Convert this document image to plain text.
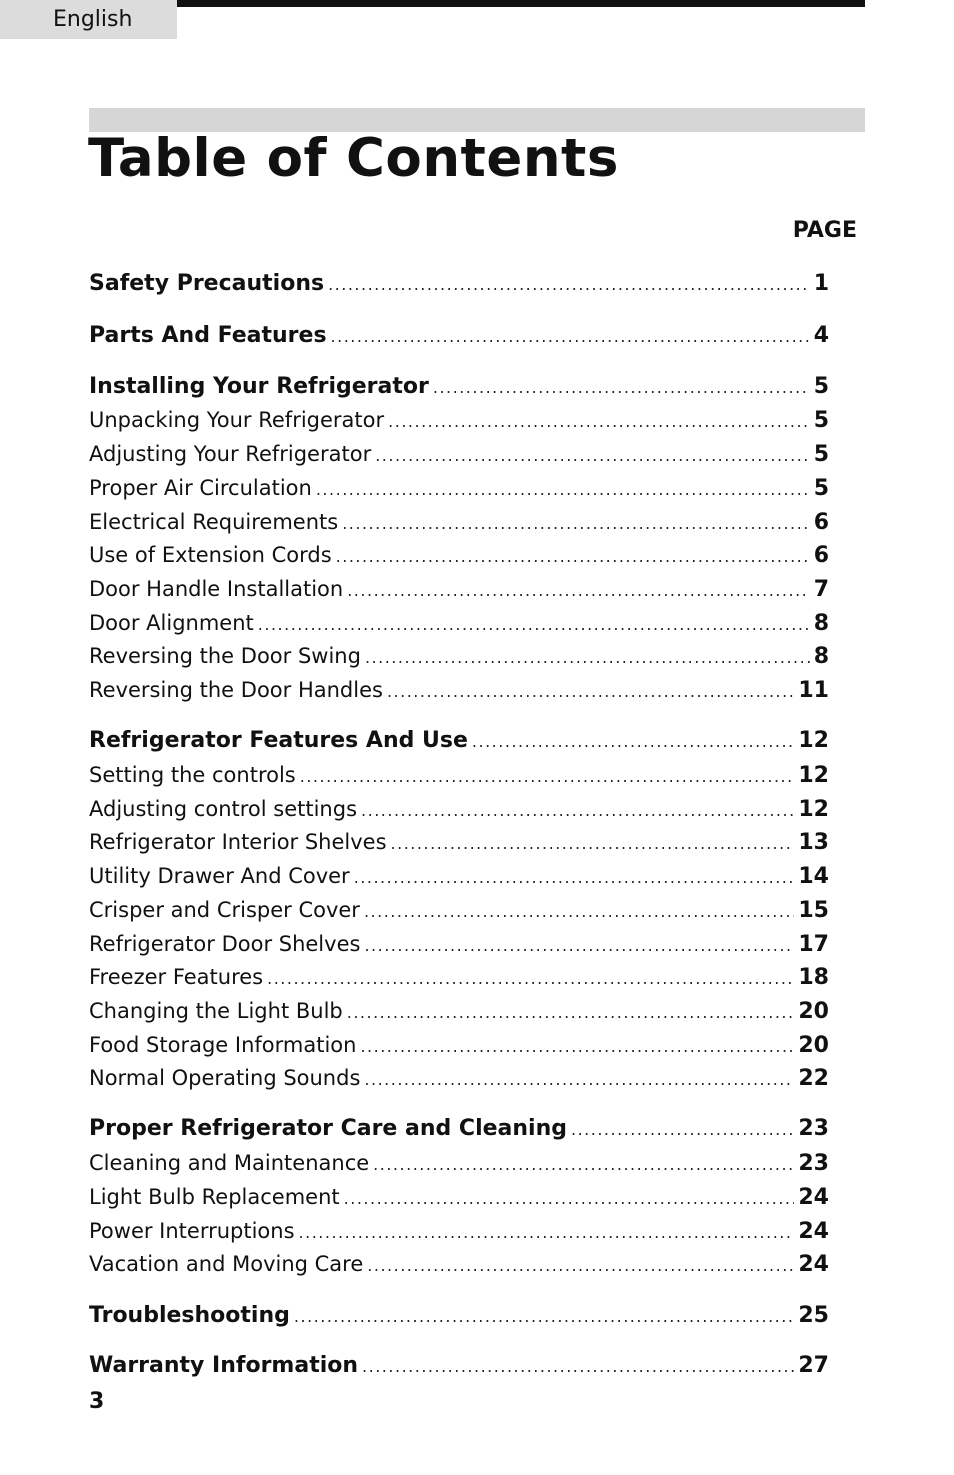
English
Table of Contents
PAGE
Safety Precautions .....	1
Parts And Features .....	4
Installing Your Refrigerator .....	5
Unpacking Your Refrigerator .....	5
Adjusting Your Refrigerator .....	5
Proper Air Circulation .....	5
Electrical Requirements .....	6
Use of Extension Cords .....	6
Door Handle Installation .....	7
Door Alignment .....	8
Reversing the Door Swing .....	8
Reversing the Door Handles .....	11
Refrigerator Features And Use .....	12
Setting the controls .....	12
Adjusting control settings .....	12
Refrigerator Interior Shelves .....	13
Utility Drawer And Cover .....	14
Crisper and Crisper Cover .....	15
Refrigerator Door Shelves .....	17
Freezer Features .....	18
Changing the Light Bulb .....	20
Food Storage Information .....	20
Normal Operating Sounds .....	22
Proper Refrigerator Care and Cleaning .....	23
Cleaning and Maintenance .....	23
Light Bulb Replacement .....	24
Power Interruptions .....	24
Vacation and Moving Care .....	24
Troubleshooting .....	25
Warranty Information .....	27
3
